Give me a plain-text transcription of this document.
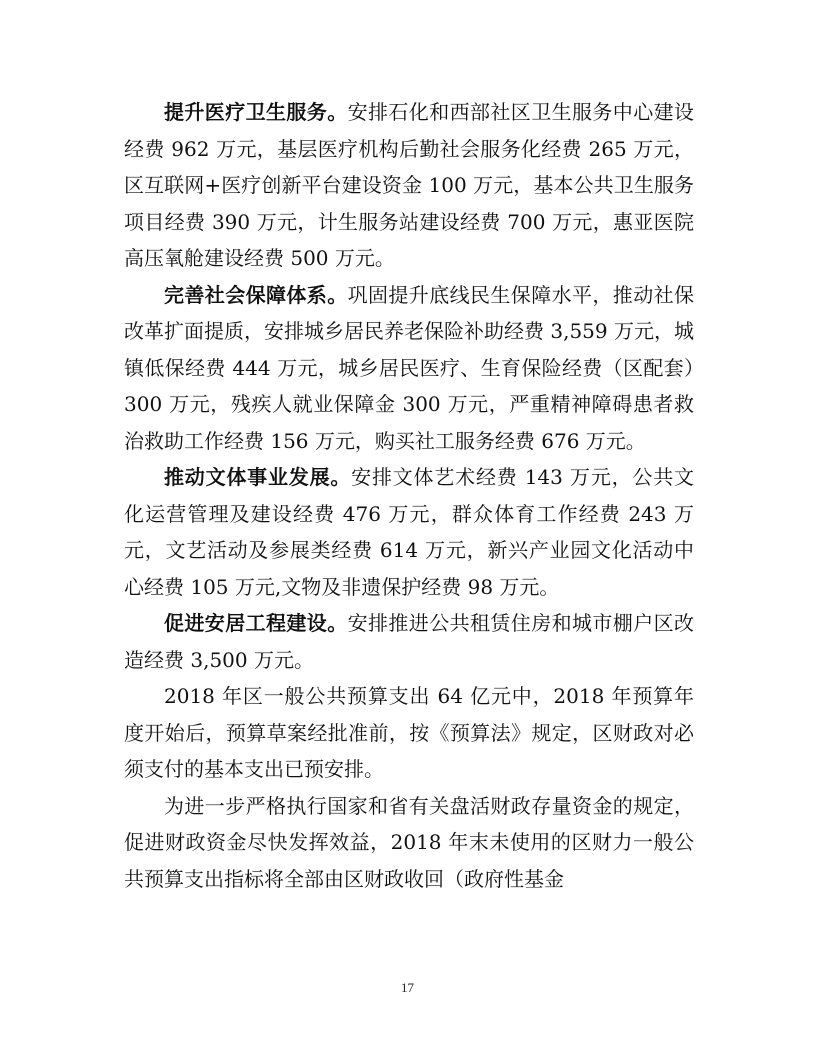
提升医疗卫生服务。安排石化和西部社区卫生服务中心建设经费 962 万元，基层医疗机构后勤社会服务化经费 265 万元，区互联网+医疗创新平台建设资金 100 万元，基本公共卫生服务项目经费 390 万元，计生服务站建设经费 700 万元，惠亚医院高压氧舱建设经费 500 万元。

完善社会保障体系。巩固提升底线民生保障水平，推动社保改革扩面提质，安排城乡居民养老保险补助经费 3,559 万元，城镇低保经费 444 万元，城乡居民医疗、生育保险经费（区配套）300 万元，残疾人就业保障金 300 万元，严重精神障碍患者救治救助工作经费 156 万元，购买社工服务经费 676 万元。

推动文体事业发展。安排文体艺术经费 143 万元，公共文化运营管理及建设经费 476 万元，群众体育工作经费 243 万元，文艺活动及参展类经费 614 万元，新兴产业园文化活动中心经费 105 万元,文物及非遗保护经费 98 万元。

促进安居工程建设。安排推进公共租赁住房和城市棚户区改造经费 3,500 万元。

2018 年区一般公共预算支出 64 亿元中，2018 年预算年度开始后，预算草案经批准前，按《预算法》规定，区财政对必须支付的基本支出已预安排。

为进一步严格执行国家和省有关盘活财政存量资金的规定，促进财政资金尽快发挥效益，2018 年末未使用的区财力一般公共预算支出指标将全部由区财政收回（政府性基金

17
